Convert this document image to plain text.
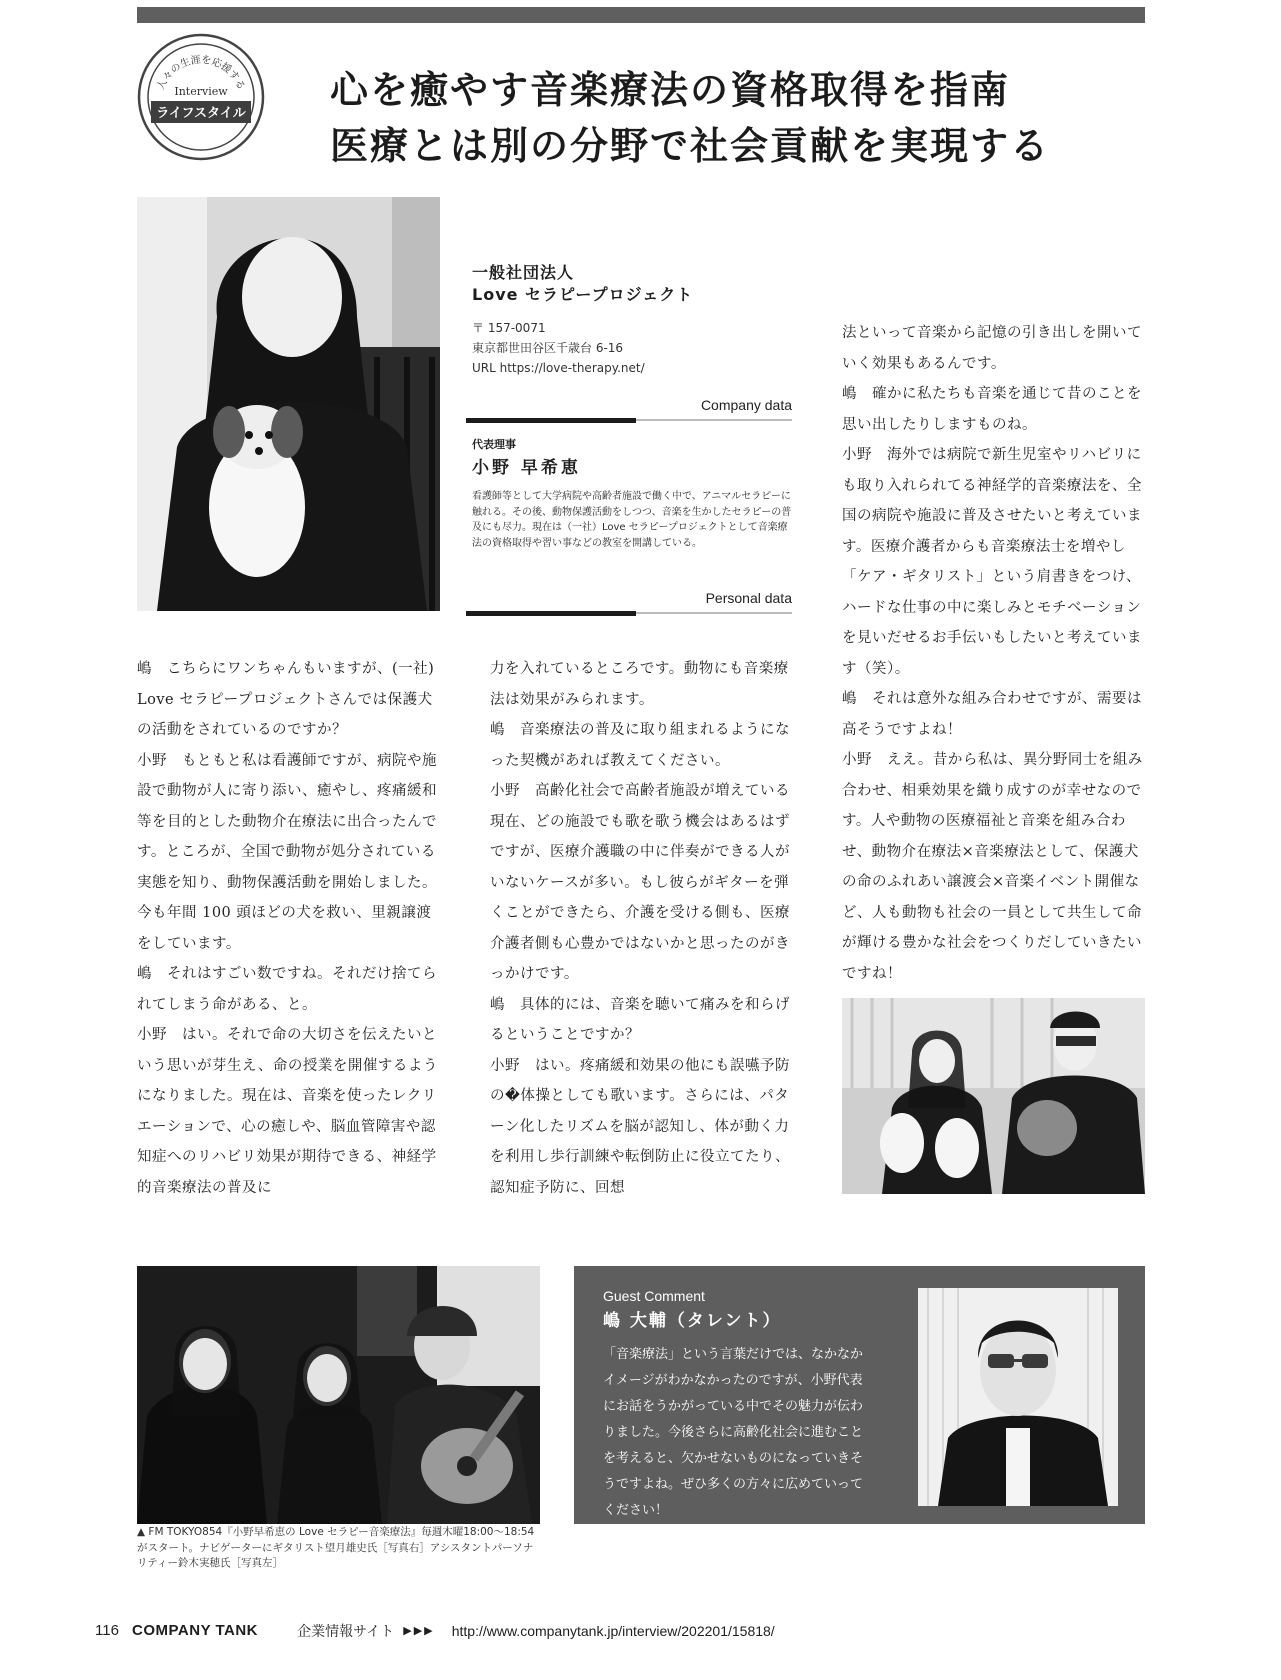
人々の生涯を応援する
Interview
ライフスタイル
心を癒やす音楽療法の資格取得を指南
医療とは別の分野で社会貢献を実現する
一般社団法人
Love セラピープロジェクト
〒 157-0071
東京都世田谷区千歳台 6-16
URL https://love-therapy.net/
Company data
代表理事
小野 早希恵
看護師等として大学病院や高齢者施設で働く中で、アニマルセラピーに触れる。その後、動物保護活動をしつつ、音楽を生かしたセラピーの普及にも尽力。現在は（一社）Love セラピープロジェクトとして音楽療法の資格取得や習い事などの教室を開講している。
Personal data

嶋　こちらにワンちゃんもいますが、(一社) Love セラピープロジェクトさんでは保護犬の活動をされているのですか？

小野　もともと私は看護師ですが、病院や施設で動物が人に寄り添い、癒やし、疼痛緩和等を目的とした動物介在療法に出合ったんです。ところが、全国で動物が処分されている実態を知り、動物保護活動を開始しました。今も年間 100 頭ほどの犬を救い、里親譲渡をしています。

嶋　それはすごい数ですね。それだけ捨てられてしまう命がある、と。

小野　はい。それで命の大切さを伝えたいという思いが芽生え、命の授業を開催するようになりました。現在は、音楽を使ったレクリエーションで、心の癒しや、脳血管障害や認知症へのリハビリ効果が期待できる、神経学的音楽療法の普及に

力を入れているところです。動物にも音楽療法は効果がみられます。

嶋　音楽療法の普及に取り組まれるようになった契機があれば教えてください。

小野　高齢化社会で高齢者施設が増えている現在、どの施設でも歌を歌う機会はあるはずですが、医療介護職の中に伴奏ができる人がいないケースが多い。もし彼らがギターを弾くことができたら、介護を受ける側も、医療介護者側も心豊かではないかと思ったのがきっかけです。

嶋　具体的には、音楽を聴いて痛みを和らげるということですか？

小野　はい。疼痛緩和効果の他にも誤嚥予防の�体操としても歌います。さらには、パターン化したリズムを脳が認知し、体が動く力を利用し歩行訓練や転倒防止に役立てたり、認知症予防に、回想

法といって音楽から記憶の引き出しを開いていく効果もあるんです。

嶋　確かに私たちも音楽を通じて昔のことを思い出したりしますものね。

小野　海外では病院で新生児室やリハビリにも取り入れられてる神経学的音楽療法を、全国の病院や施設に普及させたいと考えています。医療介護者からも音楽療法士を増やし「ケア・ギタリスト」という肩書きをつけ、ハードな仕事の中に楽しみとモチベーションを見いだせるお手伝いもしたいと考えています（笑）。

嶋　それは意外な組み合わせですが、需要は高そうですよね！

小野　ええ。昔から私は、異分野同士を組み合わせ、相乗効果を織り成すのが幸せなのです。人や動物の医療福祉と音楽を組み合わせ、動物介在療法×音楽療法として、保護犬の命のふれあい譲渡会×音楽イベント開催など、人も動物も社会の一員として共生して命が輝ける豊かな社会をつくりだしていきたいですね！

▲ FM TOKYO854『小野早希恵の Love セラピー音楽療法』毎週木曜18:00～18:54 がスタート。ナビゲーターにギタリスト望月雄史氏［写真右］アシスタントパーソナリティー鈴木実穂氏［写真左］
Guest Comment
嶋 大輔（タレント）
「音楽療法」という言葉だけでは、なかなかイメージがわかなかったのですが、小野代表にお話をうかがっている中でその魅力が伝わりました。今後さらに高齢化社会に進むことを考えると、欠かせないものになっていきそうですよね。ぜひ多くの方々に広めていってください！
116 COMPANY TANK	企業情報サイト ▶▶▶ http://www.companytank.jp/interview/202201/15818/
